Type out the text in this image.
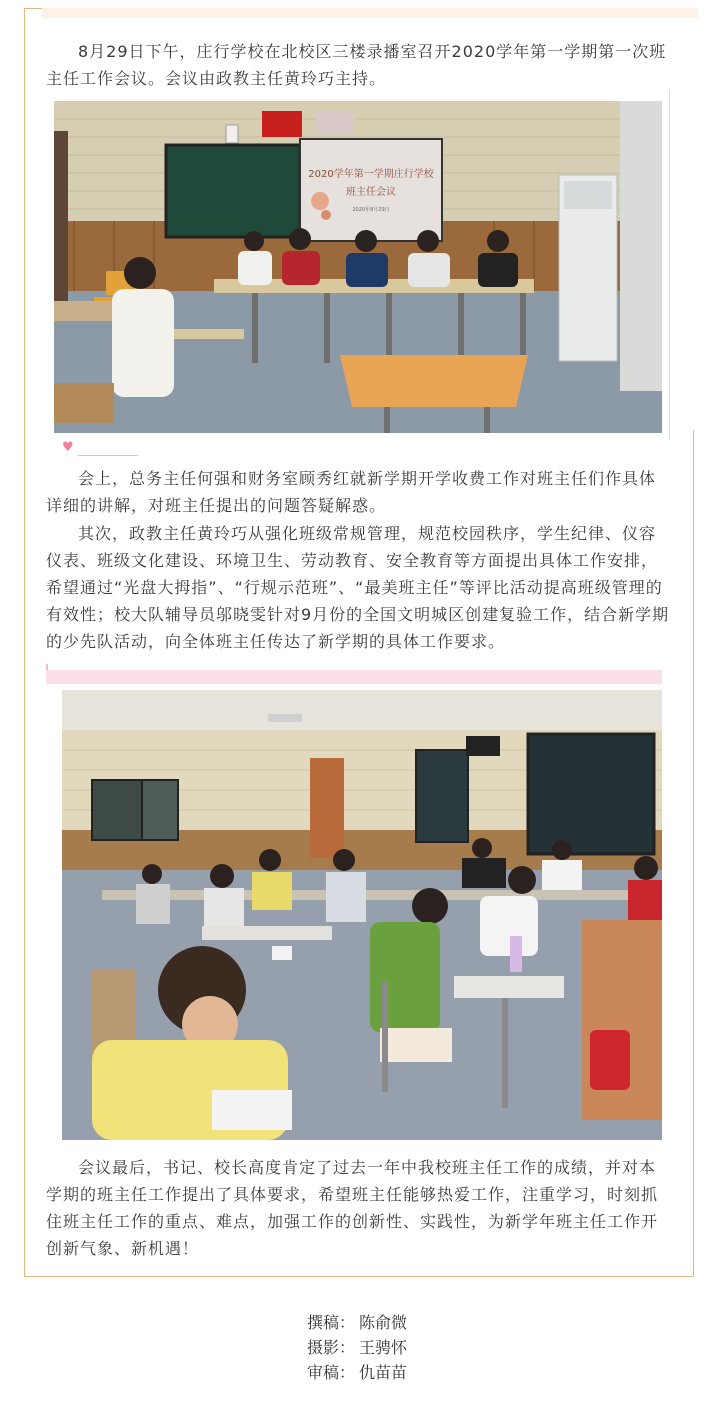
8月29日下午，庄行学校在北校区三楼录播室召开2020学年第一学期第一次班主任工作会议。会议由政教主任黄玲巧主持。

2020学年第一学期庄行学校
班主任会议
2020年8月29日
♥

会上，总务主任何强和财务室顾秀红就新学期开学收费工作对班主任们作具体详细的讲解，对班主任提出的问题答疑解惑。

其次，政教主任黄玲巧从强化班级常规管理，规范校园秩序，学生纪律、仪容仪表、班级文化建设、环境卫生、劳动教育、安全教育等方面提出具体工作安排，希望通过“光盘大拇指”、“行规示范班”、“最美班主任”等评比活动提高班级管理的有效性；校大队辅导员邬晓雯针对9月份的全国文明城区创建复验工作，结合新学期的少先队活动，向全体班主任传达了新学期的具体工作要求。

会议最后，书记、校长高度肯定了过去一年中我校班主任工作的成绩，并对本学期的班主任工作提出了具体要求，希望班主任能够热爱工作，注重学习，时刻抓住班主任工作的重点、难点，加强工作的创新性、实践性，为新学年班主任工作开创新气象、新机遇！

撰稿： 陈俞微
摄影： 王骋怀
审稿： 仇苗苗
